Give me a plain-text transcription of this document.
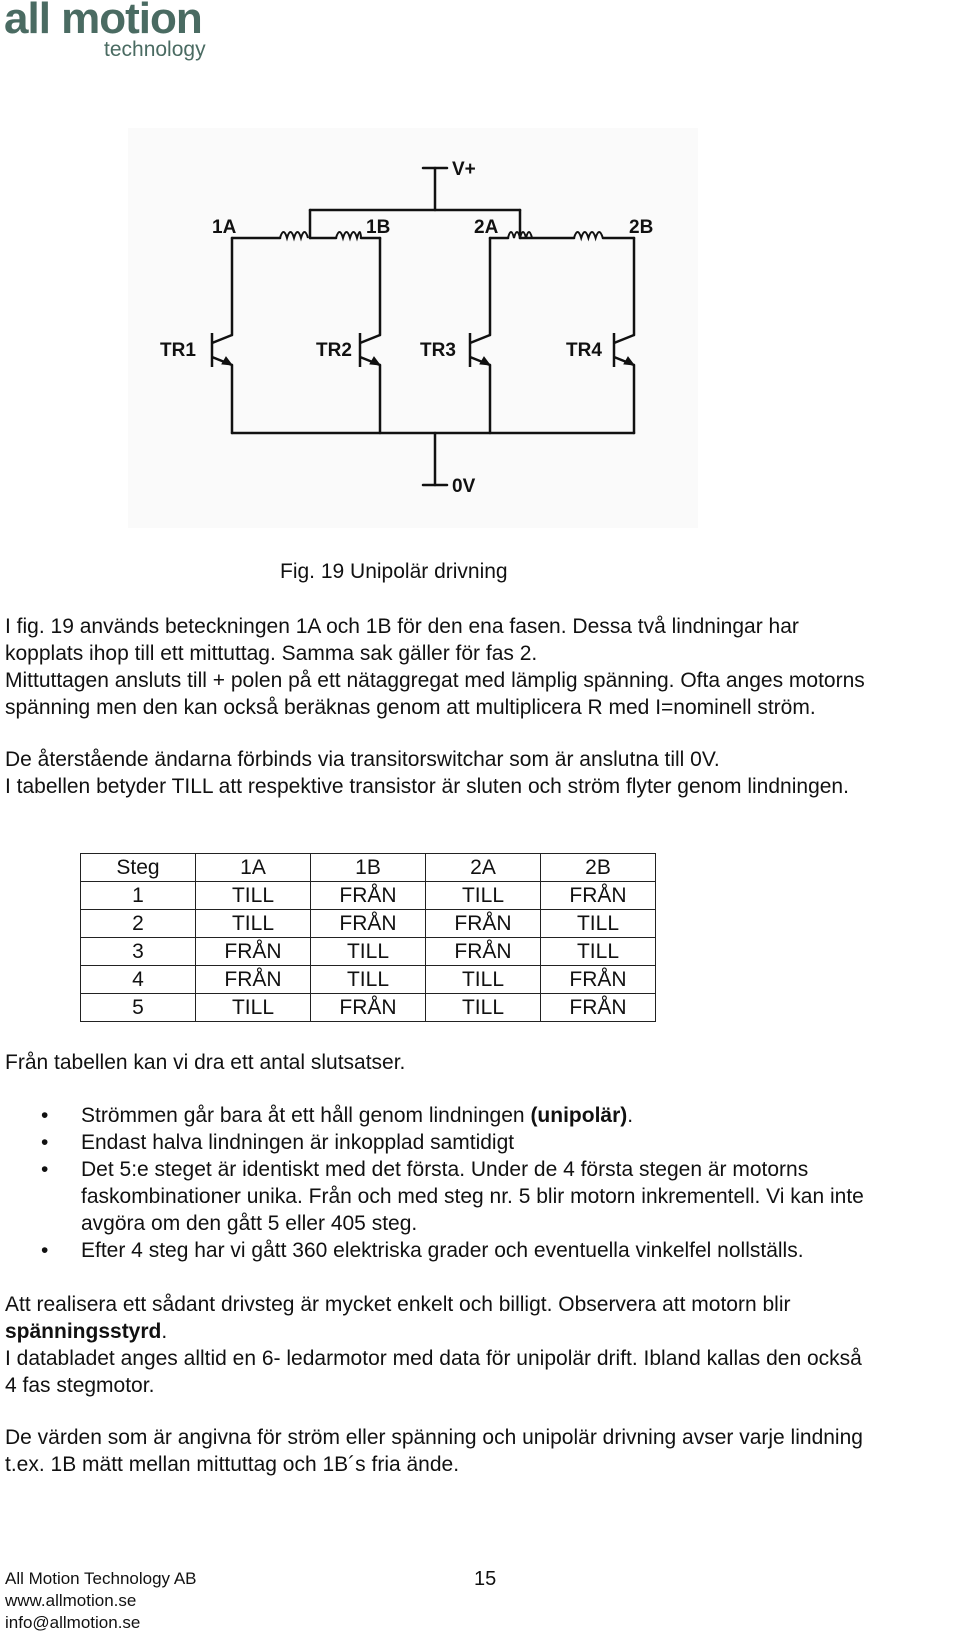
all motion
technology
V+
0V
1A	1B	2A	2B
TR1	TR2	TR3	TR4
Fig. 19 Unipolär drivning

I fig. 19 används beteckningen 1A och 1B för den ena fasen. Dessa två lindningar har
kopplats ihop till ett mittuttag. Samma sak gäller för fas 2.
Mittuttagen ansluts till + polen på ett nätaggregat med lämplig spänning. Ofta anges motorns
spänning men den kan också beräknas genom att multiplicera R med I=nominell ström.

De återstående ändarna förbinds via transitorswitchar som är anslutna till 0V.
I tabellen betyder TILL att respektive transistor är sluten och ström flyter genom lindningen.

Steg	1A	1B	2A	2B
1	TILL	FRÅN	TILL	FRÅN
2	TILL	FRÅN	FRÅN	TILL
3	FRÅN	TILL	FRÅN	TILL
4	FRÅN	TILL	TILL	FRÅN
5	TILL	FRÅN	TILL	FRÅN

Från tabellen kan vi dra ett antal slutsatser.

• Strömmen går bara åt ett håll genom lindningen (unipolär).
• Endast halva lindningen är inkopplad samtidigt
• Det 5:e steget är identiskt med det första. Under de 4 första stegen är motorns
faskombinationer unika. Från och med steg nr. 5 blir motorn inkrementell. Vi kan inte
avgöra om den gått 5 eller 405 steg.
• Efter 4 steg har vi gått 360 elektriska grader och eventuella vinkelfel nollställs.

Att realisera ett sådant drivsteg är mycket enkelt och billigt. Observera att motorn blir
spänningsstyrd.
I databladet anges alltid en 6- ledarmotor med data för unipolär drift. Ibland kallas den också
4 fas stegmotor.

De värden som är angivna för ström eller spänning och unipolär drivning avser varje lindning
t.ex. 1B mätt mellan mittuttag och 1B´s fria ände.

All Motion Technology AB
www.allmotion.se
info@allmotion.se
15
